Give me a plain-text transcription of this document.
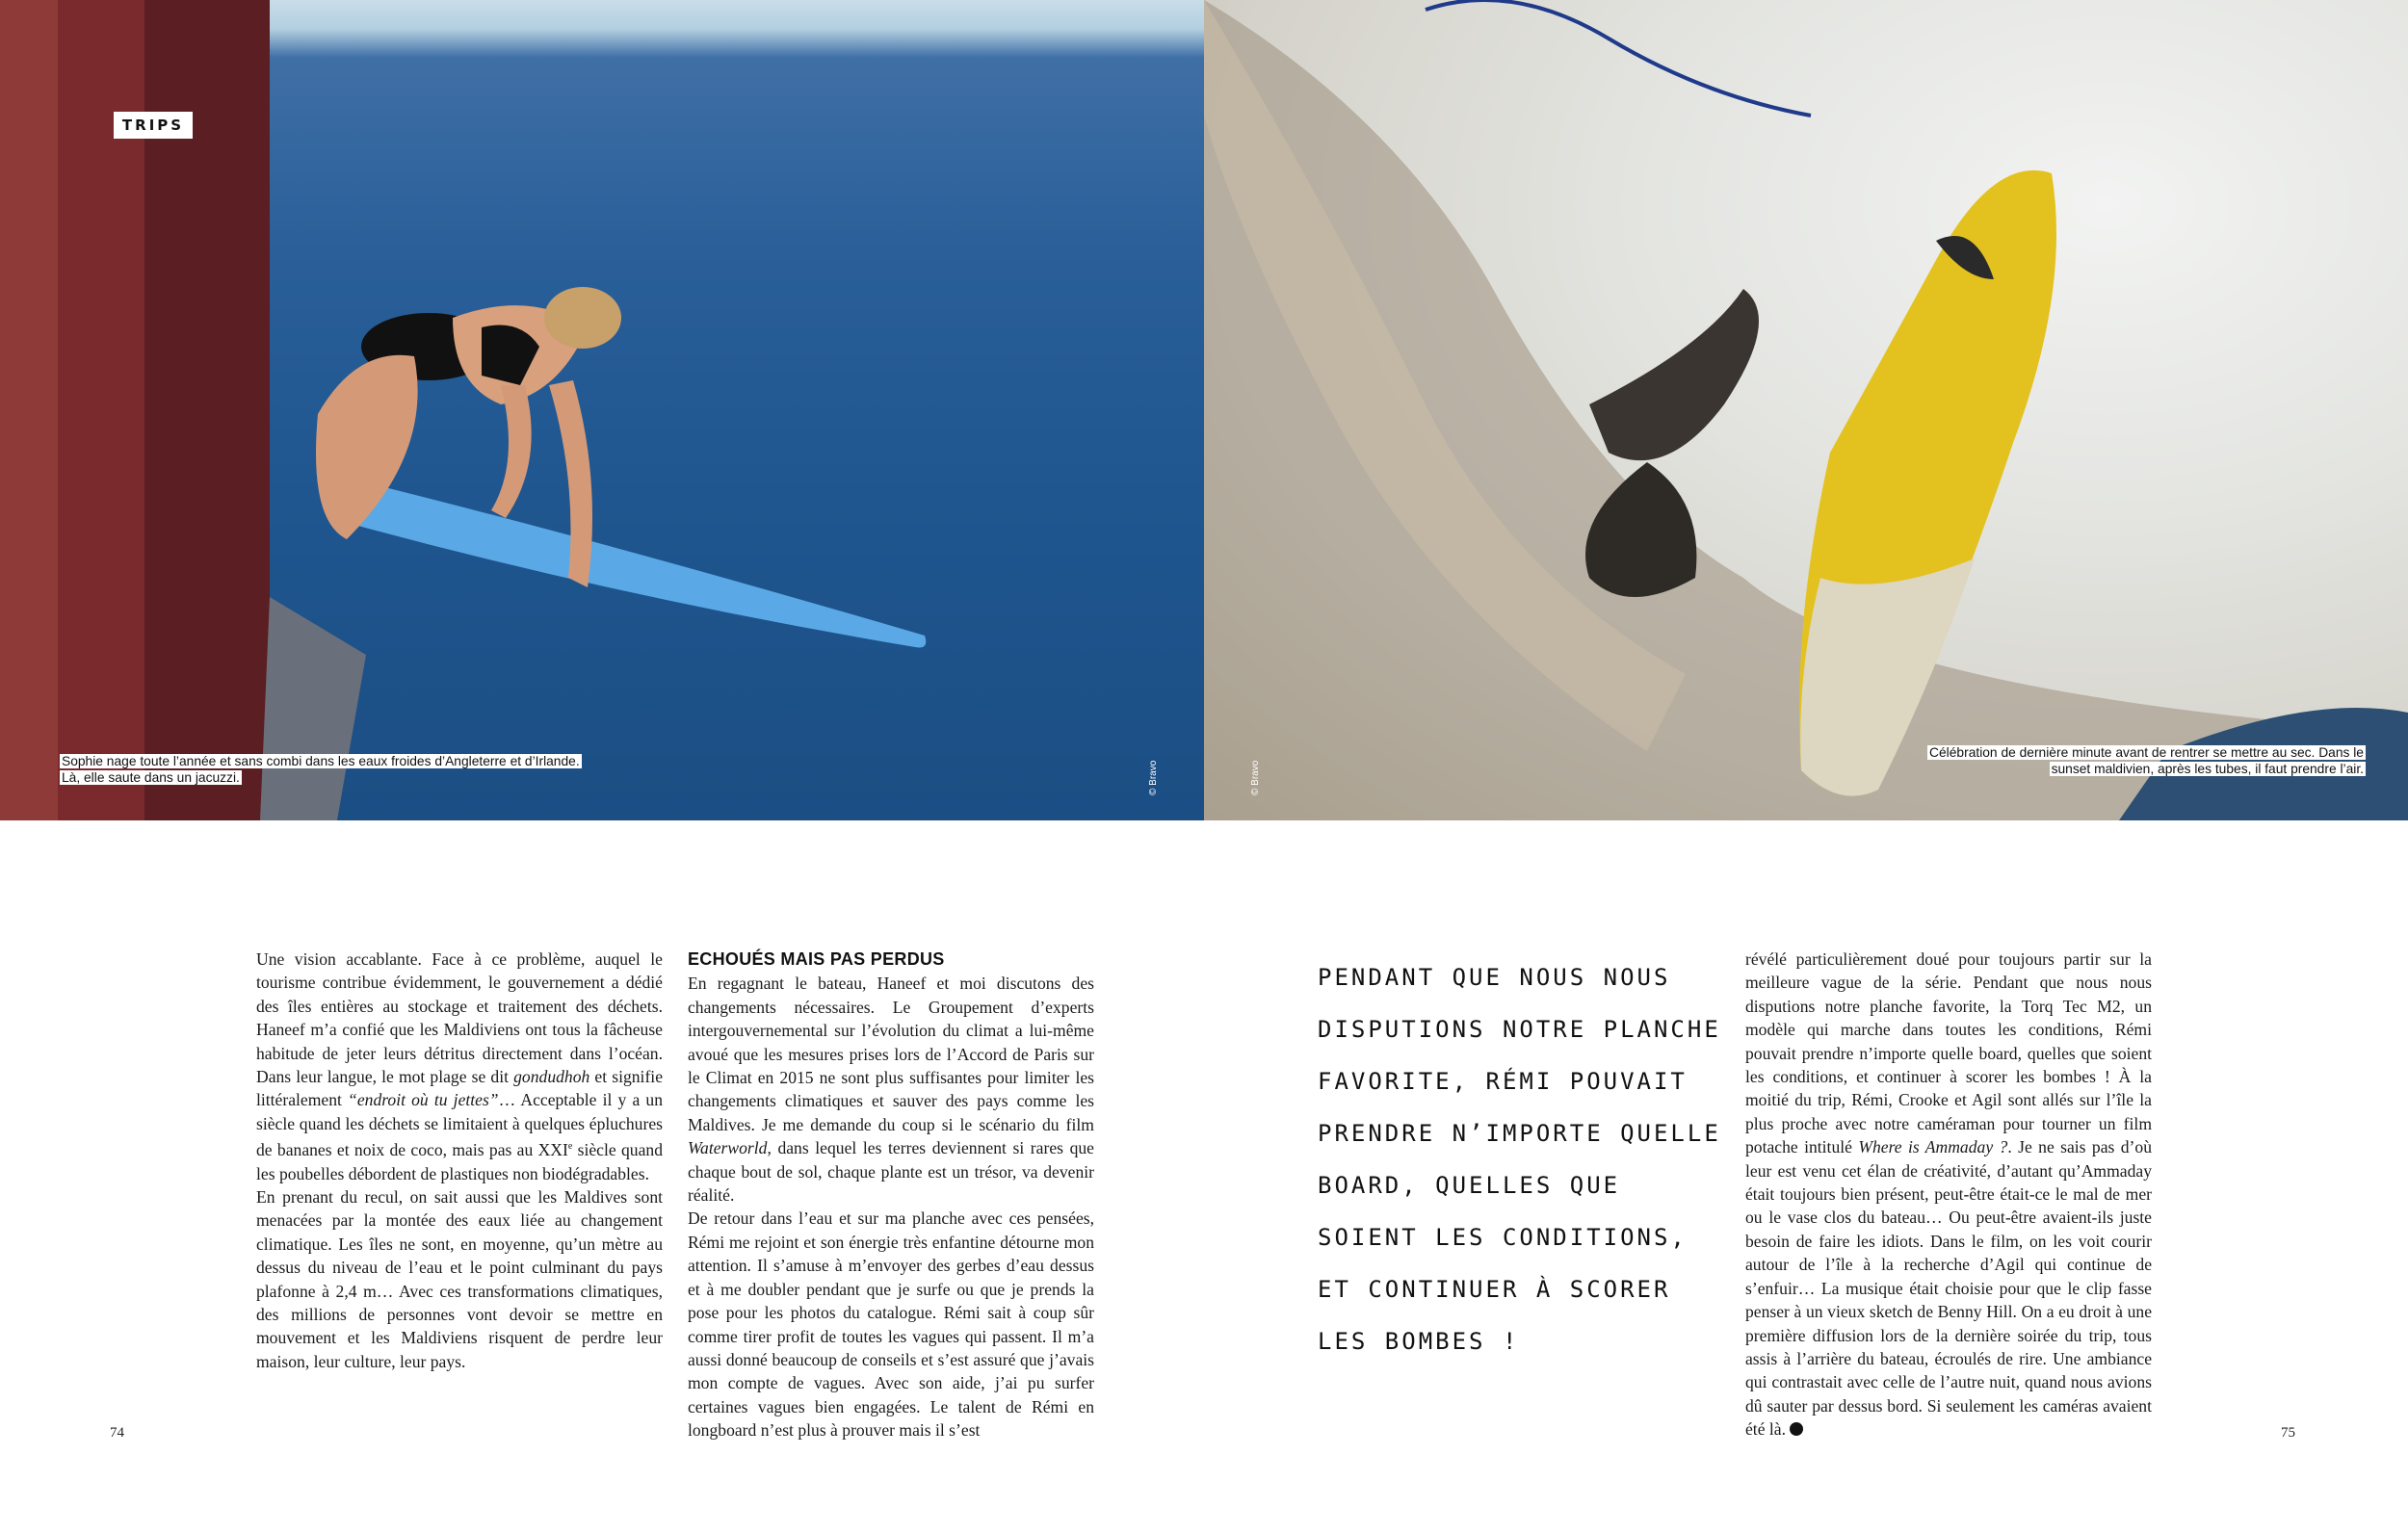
TRIPS
Sophie nage toute l’année et sans combi dans les eaux froides d’Angleterre et d’Irlande.
Là, elle saute dans un jacuzzi.	© Bravo
Célébration de dernière minute avant de rentrer se mettre au sec. Dans le
sunset maldivien, après les tubes, il faut prendre l’air.
© Bravo

Une vision accablante. Face à ce problème, auquel le tourisme contribue évidemment, le gouvernement a dédié des îles entières au stockage et traitement des déchets. Haneef m’a confié que les Maldiviens ont tous la fâcheuse habitude de jeter leurs détritus directement dans l’océan. Dans leur langue, le mot plage se dit gondudhoh et signifie littéralement “endroit où tu jettes”… Acceptable il y a un siècle quand les déchets se limitaient à quelques épluchures de bananes et noix de coco, mais pas au XXIe siècle quand les poubelles débordent de plastiques non biodégradables.

En prenant du recul, on sait aussi que les Maldives sont menacées par la montée des eaux liée au changement climatique. Les îles ne sont, en moyenne, qu’un mètre au dessus du niveau de l’eau et le point culminant du pays plafonne à 2,4 m… Avec ces transformations climatiques, des millions de personnes vont devoir se mettre en mouvement et les Maldiviens risquent de perdre leur maison, leur culture, leur pays.

ECHOUÉS MAIS PAS PERDUS

En regagnant le bateau, Haneef et moi discutons des changements nécessaires. Le Groupement d’experts intergouvernemental sur l’évolution du climat a lui-même avoué que les mesures prises lors de l’Accord de Paris sur le Climat en 2015 ne sont plus suffisantes pour limiter les changements climatiques et sauver des pays comme les Maldives. Je me demande du coup si le scénario du film Waterworld, dans lequel les terres deviennent si rares que chaque bout de sol, chaque plante est un trésor, va devenir réalité.

De retour dans l’eau et sur ma planche avec ces pensées, Rémi me rejoint et son énergie très enfantine détourne mon attention. Il s’amuse à m’envoyer des gerbes d’eau dessus et à me doubler pendant que je surfe ou que je prends la pose pour les photos du catalogue. Rémi sait à coup sûr comme tirer profit de toutes les vagues qui passent. Il m’a aussi donné beaucoup de conseils et s’est assuré que j’avais mon compte de vagues. Avec son aide, j’ai pu surfer certaines vagues bien engagées. Le talent de Rémi en longboard n’est plus à prouver mais il s’est

PENDANT QUE NOUS NOUS DISPUTIONS NOTRE PLANCHE FAVORITE, RÉMI POUVAIT PRENDRE N’IMPORTE QUELLE BOARD, QUELLES QUE SOIENT LES CONDITIONS, ET CONTINUER À SCORER LES BOMBES !

révélé particulièrement doué pour toujours partir sur la meilleure vague de la série. Pendant que nous nous disputions notre planche favorite, la Torq Tec M2, un modèle qui marche dans toutes les conditions, Rémi pouvait prendre n’importe quelle board, quelles que soient les conditions, et continuer à scorer les bombes ! À la moitié du trip, Rémi, Crooke et Agil sont allés sur l’île la plus proche avec notre caméraman pour tourner un film potache intitulé Where is Ammaday ?. Je ne sais pas d’où leur est venu cet élan de créativité, d’autant qu’Ammaday était toujours bien présent, peut-être était-ce le mal de mer ou le vase clos du bateau… Ou peut-être avaient-ils juste besoin de faire les idiots. Dans le film, on les voit courir autour de l’île à la recherche d’Agil qui continue de s’enfuir… La musique était choisie pour que le clip fasse penser à un vieux sketch de Benny Hill. On a eu droit à une première diffusion lors de la dernière soirée du trip, tous assis à l’arrière du bateau, écroulés de rire. Une ambiance qui contrastait avec celle de l’autre nuit, quand nous avions dû sauter par dessus bord. Si seulement les caméras avaient été là.

74	75
